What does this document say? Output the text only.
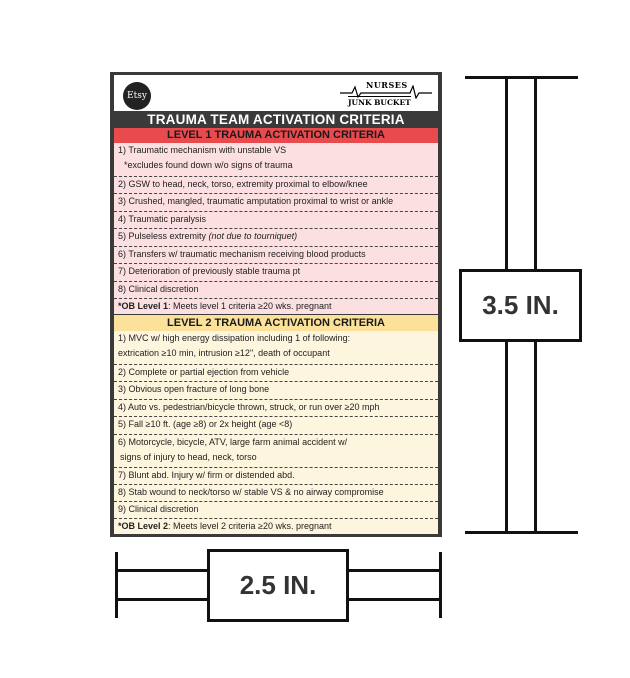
Etsy
NURSES
JUNK BUCKET
TRAUMA TEAM ACTIVATION CRITERIA
LEVEL 1 TRAUMA ACTIVATION CRITERIA
1) Traumatic mechanism with unstable VS
*excludes found down w/o signs of trauma
2) GSW to head, neck, torso, extremity proximal to elbow/knee
3) Crushed, mangled, traumatic amputation proximal to wrist or ankle
4) Traumatic paralysis
5) Pulseless extremity (not due to tourniquet)
6) Transfers w/ traumatic mechanism receiving blood products
7) Deterioration of previously stable trauma pt
8) Clinical discretion
*OB Level 1: Meets level 1 criteria ≥20 wks. pregnant
LEVEL 2 TRAUMA ACTIVATION CRITERIA
1) MVC w/ high energy dissipation including 1 of following:
extrication ≥10 min, intrusion ≥12", death of occupant
2) Complete or partial ejection from vehicle
3) Obvious open fracture of long bone
4) Auto vs. pedestrian/bicycle thrown, struck, or run over ≥20 mph
5) Fall ≥10 ft. (age ≥8) or 2x height (age <8)
6) Motorcycle, bicycle, ATV, large farm animal accident w/
signs of injury to head, neck, torso
7) Blunt abd. Injury w/ firm or distended abd.
8) Stab wound to neck/torso w/ stable VS & no airway compromise
9) Clinical discretion
*OB Level 2: Meets level 2 criteria ≥20 wks. pregnant
3.5 IN.
2.5 IN.
